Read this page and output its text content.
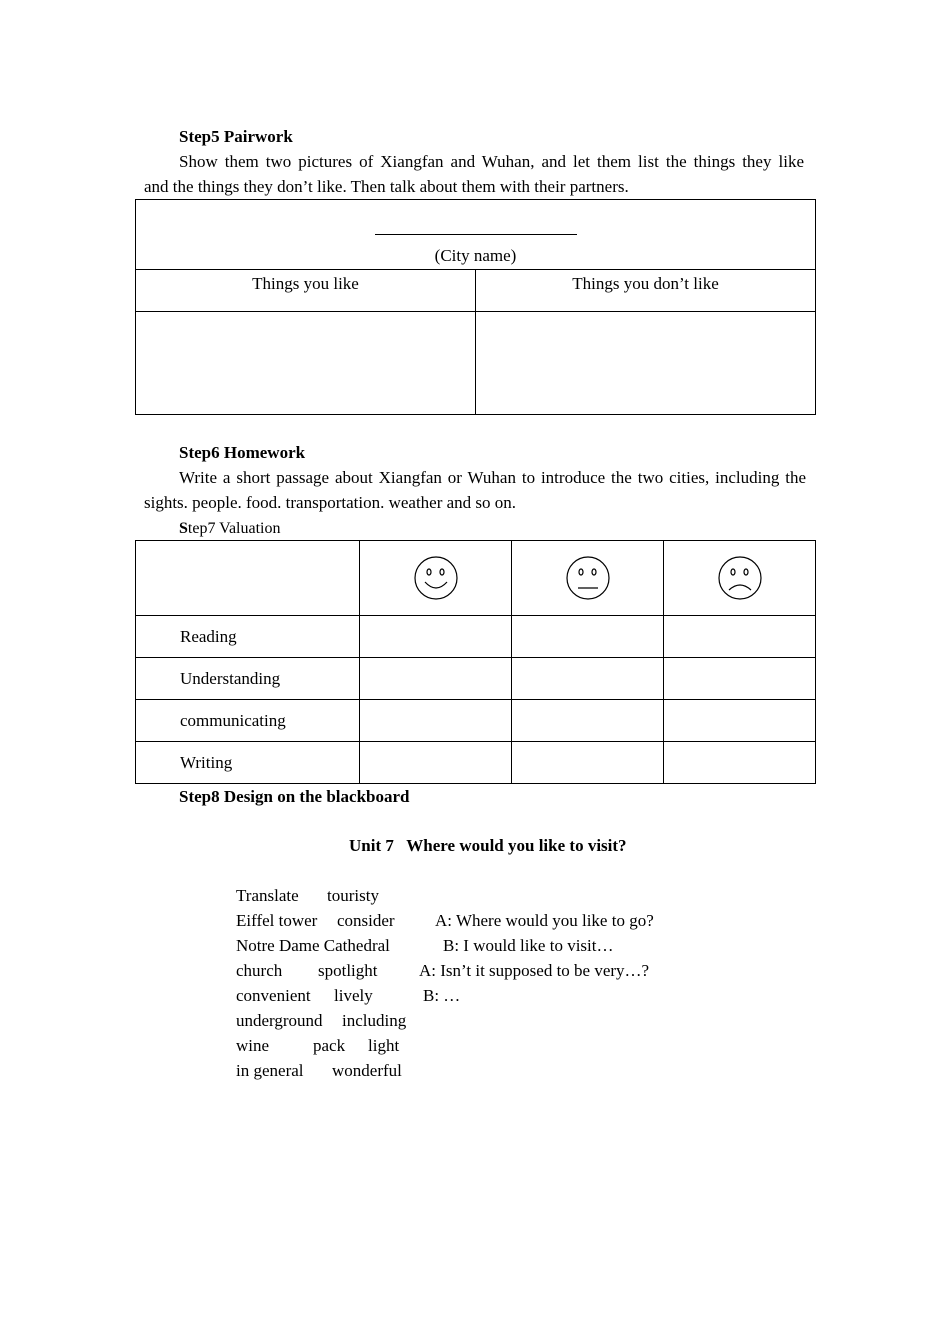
Step5 Pairwork
Show them two pictures of Xiangfan and Wuhan, and let them list the things they like
and the things they don’t like. Then talk about them with their partners.
(City name)	

Things you like	Things you don’t like

Step6 Homework
Write a short passage about Xiangfan or Wuhan to introduce the two cities, including the
sights. people. food. transportation. weather and so on.
Step7 Valuation

Reading			
Understanding			
communicating			
Writing			
Step8 Design on the blackboard
Unit 7   Where would you like to visit?
Translate touristy
Eiffel tower consider
Notre Dame Cathedral
church spotlight
convenient lively
underground including
wine	pack light
in general wonderful
A: Where would you like to go?
B: I would like to visit…
A: Isn’t it supposed to be very…?
B: …
